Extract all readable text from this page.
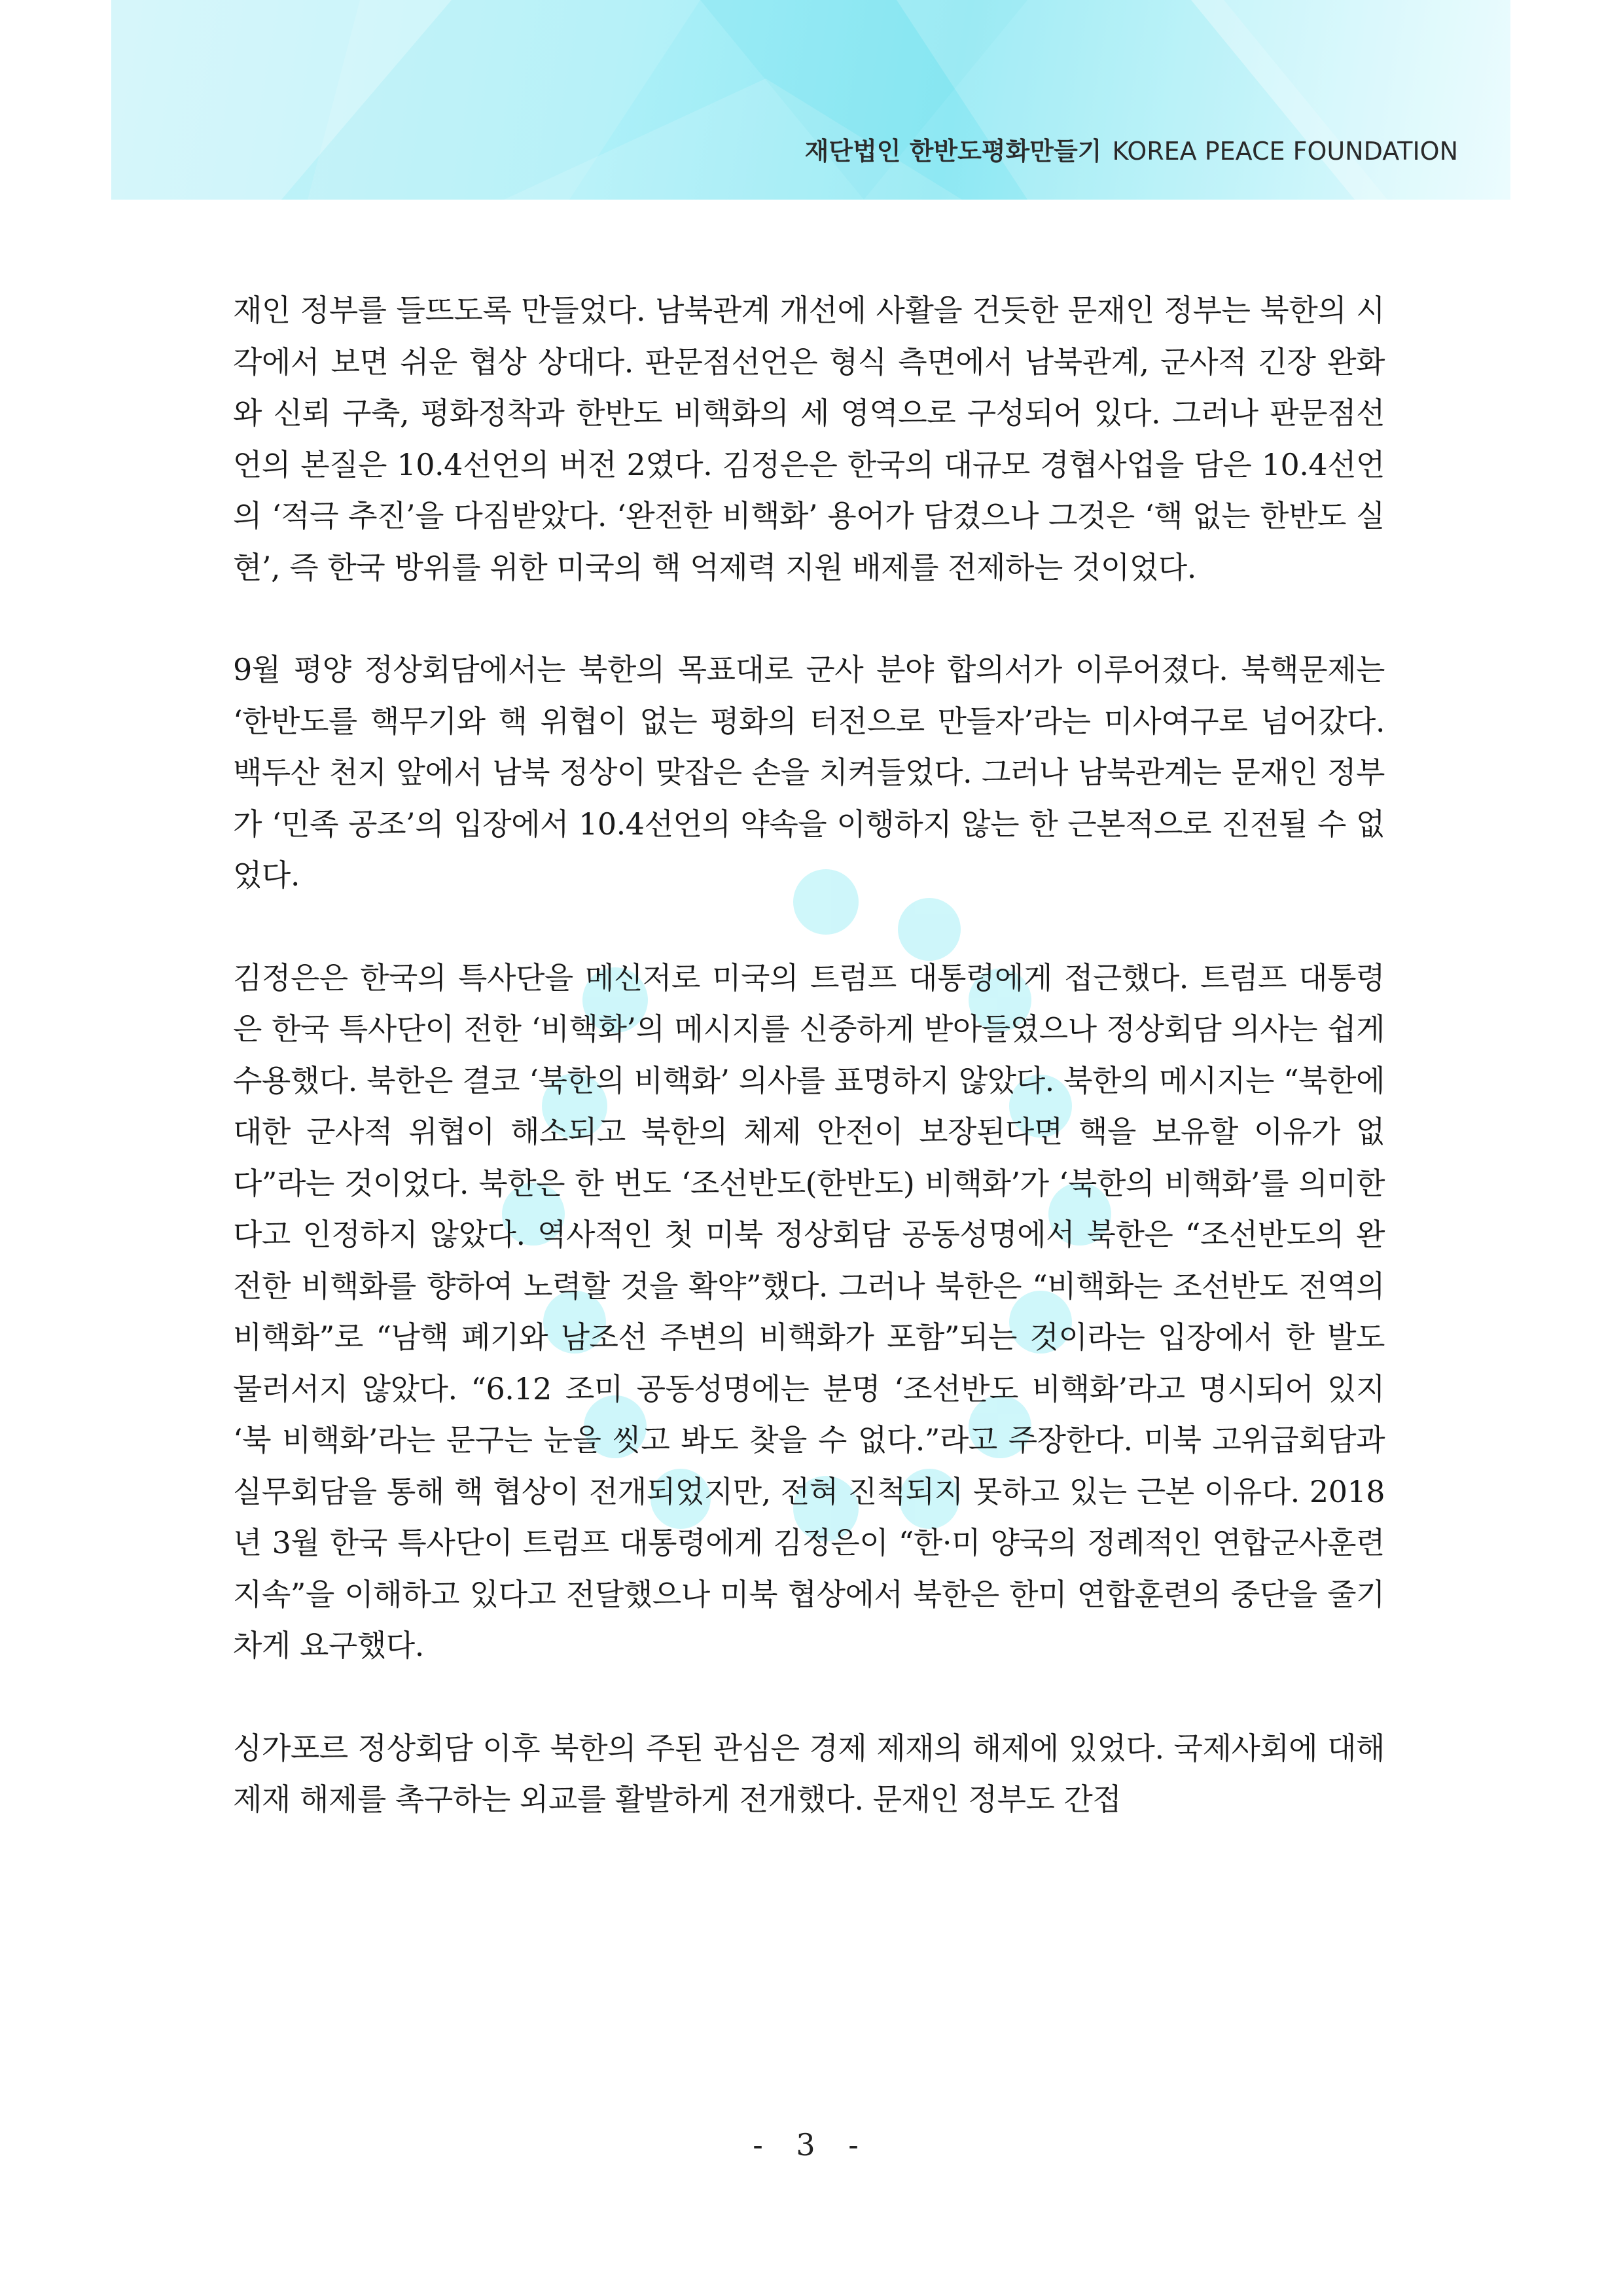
재단법인 한반도평화만들기 KOREA PEACE FOUNDATION

재인 정부를 들뜨도록 만들었다. 남북관계 개선에 사활을 건듯한 문재인 정부는 북한의 시각에서 보면 쉬운 협상 상대다. 판문점선언은 형식 측면에서 남북관계, 군사적 긴장 완화와 신뢰 구축, 평화정착과 한반도 비핵화의 세 영역으로 구성되어 있다. 그러나 판문점선언의 본질은 10.4선언의 버전 2였다. 김정은은 한국의 대규모 경협사업을 담은 10.4선언의 ‘적극 추진’을 다짐받았다. ‘완전한 비핵화’ 용어가 담겼으나 그것은 ‘핵 없는 한반도 실현’, 즉 한국 방위를 위한 미국의 핵 억제력 지원 배제를 전제하는 것이었다.

9월 평양 정상회담에서는 북한의 목표대로 군사 분야 합의서가 이루어졌다. 북핵문제는 ‘한반도를 핵무기와 핵 위협이 없는 평화의 터전으로 만들자’라는 미사여구로 넘어갔다. 백두산 천지 앞에서 남북 정상이 맞잡은 손을 치켜들었다. 그러나 남북관계는 문재인 정부가 ‘민족 공조’의 입장에서 10.4선언의 약속을 이행하지 않는 한 근본적으로 진전될 수 없었다.

김정은은 한국의 특사단을 메신저로 미국의 트럼프 대통령에게 접근했다. 트럼프 대통령은 한국 특사단이 전한 ‘비핵화’의 메시지를 신중하게 받아들였으나 정상회담 의사는 쉽게 수용했다. 북한은 결코 ‘북한의 비핵화’ 의사를 표명하지 않았다. 북한의 메시지는 “북한에 대한 군사적 위협이 해소되고 북한의 체제 안전이 보장된다면 핵을 보유할 이유가 없다”라는 것이었다. 북한은 한 번도 ‘조선반도(한반도) 비핵화’가 ‘북한의 비핵화’를 의미한다고 인정하지 않았다. 역사적인 첫 미북 정상회담 공동성명에서 북한은 “조선반도의 완전한 비핵화를 향하여 노력할 것을 확약”했다. 그러나 북한은 “비핵화는 조선반도 전역의 비핵화”로 “남핵 폐기와 남조선 주변의 비핵화가 포함”되는 것이라는 입장에서 한 발도 물러서지 않았다. “6.12 조미 공동성명에는 분명 ‘조선반도 비핵화’라고 명시되어 있지 ‘북 비핵화’라는 문구는 눈을 씻고 봐도 찾을 수 없다.”라고 주장한다. 미북 고위급회담과 실무회담을 통해 핵 협상이 전개되었지만, 전혀 진척되지 못하고 있는 근본 이유다. 2018년 3월 한국 특사단이 트럼프 대통령에게 김정은이 “한·미 양국의 정례적인 연합군사훈련 지속”을 이해하고 있다고 전달했으나 미북 협상에서 북한은 한미 연합훈련의 중단을 줄기차게 요구했다.

싱가포르 정상회담 이후 북한의 주된 관심은 경제 제재의 해제에 있었다. 국제사회에 대해 제재 해제를 촉구하는 외교를 활발하게 전개했다. 문재인 정부도 간접

- 3 -
